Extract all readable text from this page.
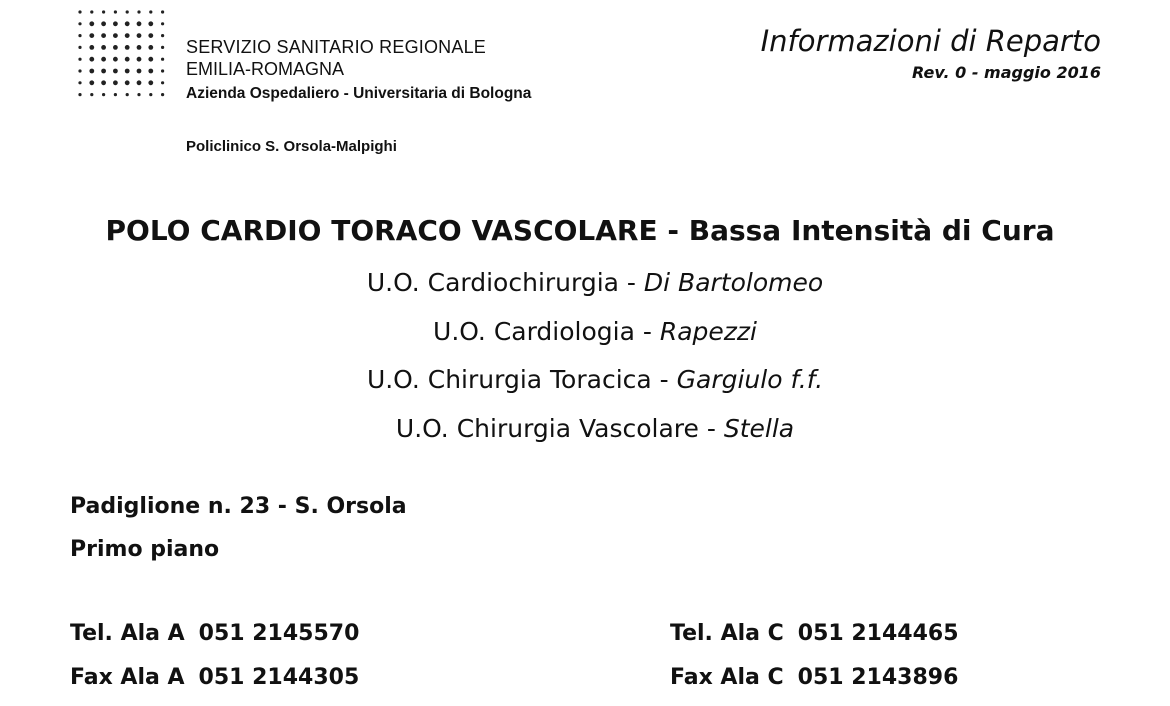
SERVIZIO SANITARIO REGIONALE
EMILIA-ROMAGNA
Azienda Ospedaliero - Universitaria di Bologna
Policlinico S. Orsola-Malpighi
Informazioni di Reparto
Rev. 0 - maggio 2016
POLO CARDIO TORACO VASCOLARE - Bassa Intensità di Cura
U.O. Cardiochirurgia - Di Bartolomeo
U.O. Cardiologia - Rapezzi
U.O. Chirurgia Toracica - Gargiulo f.f.
U.O. Chirurgia Vascolare - Stella
Padiglione n. 23 - S. Orsola
Primo piano
Tel. Ala A 051 2145570
Fax Ala A 051 2144305
Tel. Ala C 051 2144465
Fax Ala C 051 2143896
